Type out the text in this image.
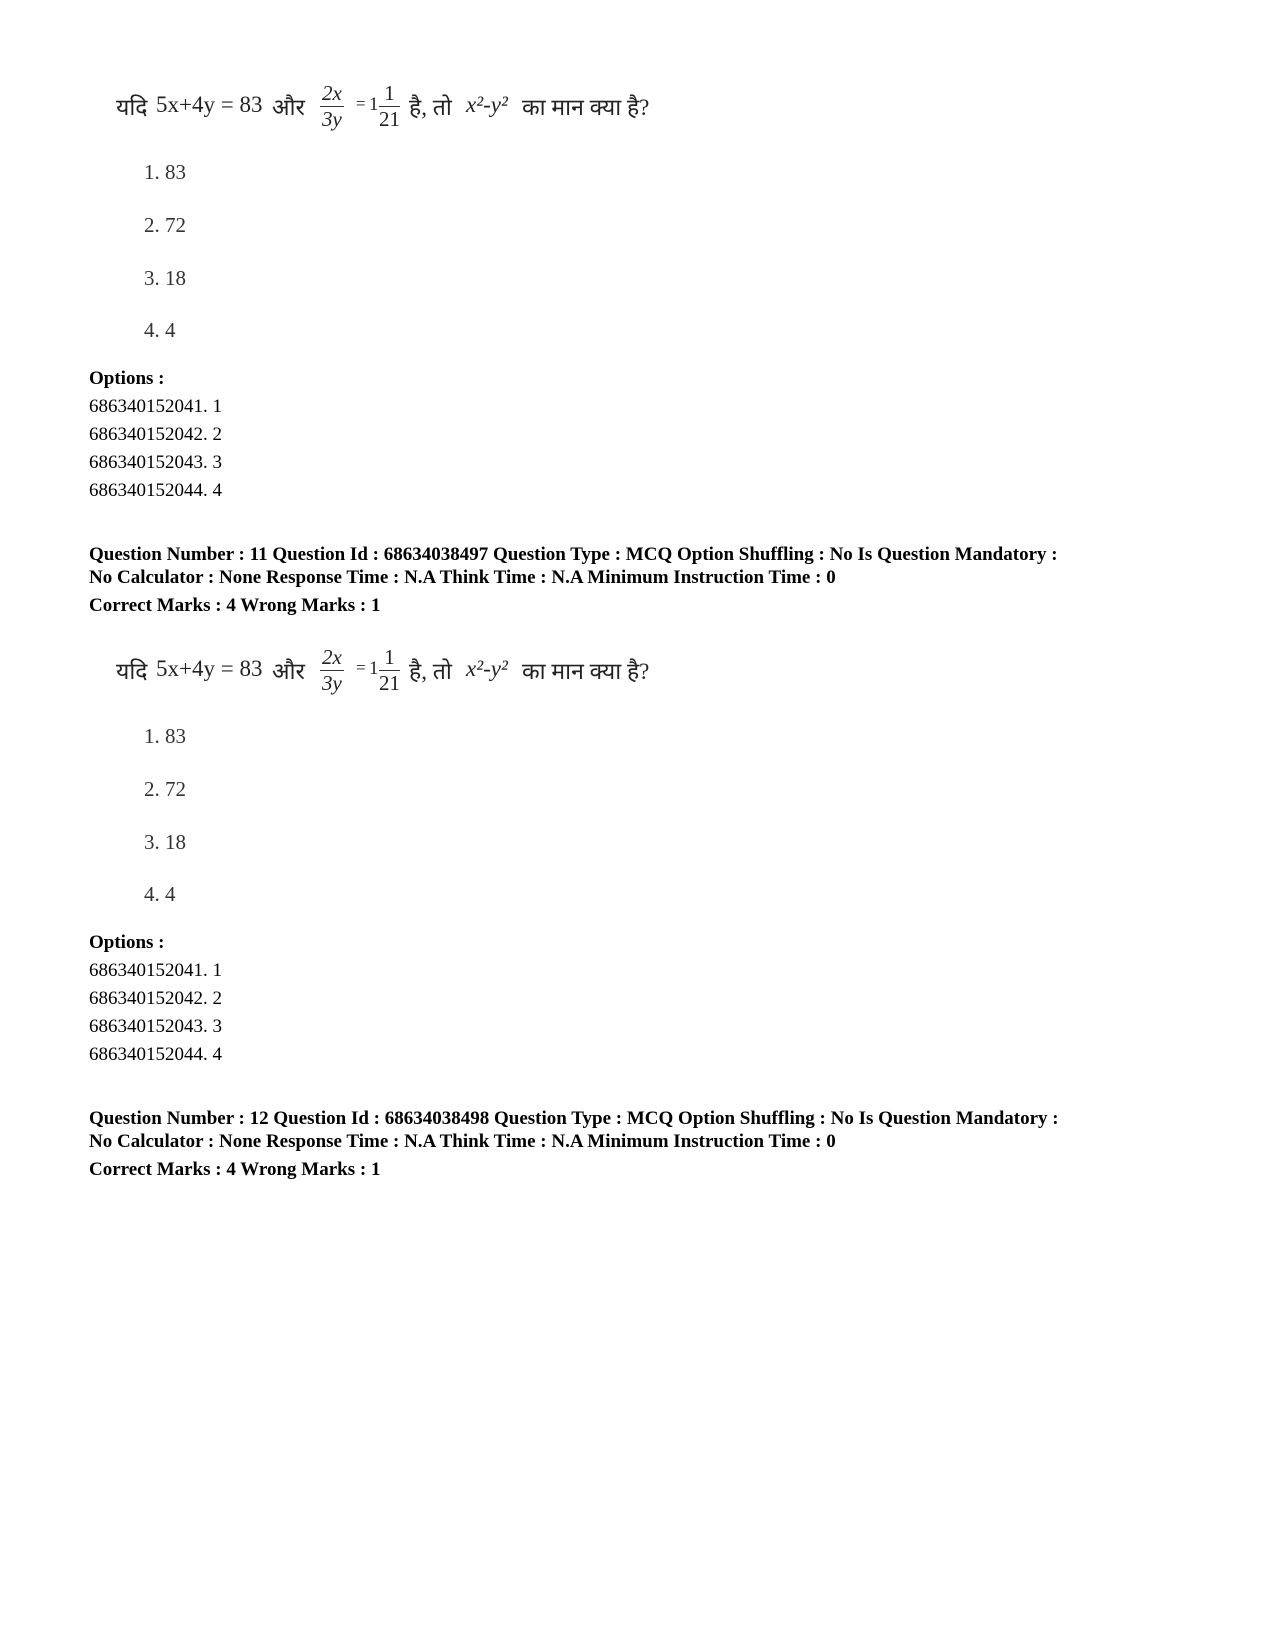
यदि 5x+4y = 83 और
2x
3y
= 1 1
21 है, तो x²-y² का मान क्या है?
1. 83
2. 72
3. 18
4. 4
Options :
686340152041. 1
686340152042. 2
686340152043. 3
686340152044. 4
Question Number : 11 Question Id : 68634038497 Question Type : MCQ Option Shuffling : No Is Question Mandatory :
No Calculator : None Response Time : N.A Think Time : N.A Minimum Instruction Time : 0
Correct Marks : 4 Wrong Marks : 1
यदि 5x+4y = 83 और
2x
3y
= 1 1
21 है, तो x²-y² का मान क्या है?
1. 83
2. 72
3. 18
4. 4
Options :
686340152041. 1
686340152042. 2
686340152043. 3
686340152044. 4
Question Number : 12 Question Id : 68634038498 Question Type : MCQ Option Shuffling : No Is Question Mandatory :
No Calculator : None Response Time : N.A Think Time : N.A Minimum Instruction Time : 0
Correct Marks : 4 Wrong Marks : 1
